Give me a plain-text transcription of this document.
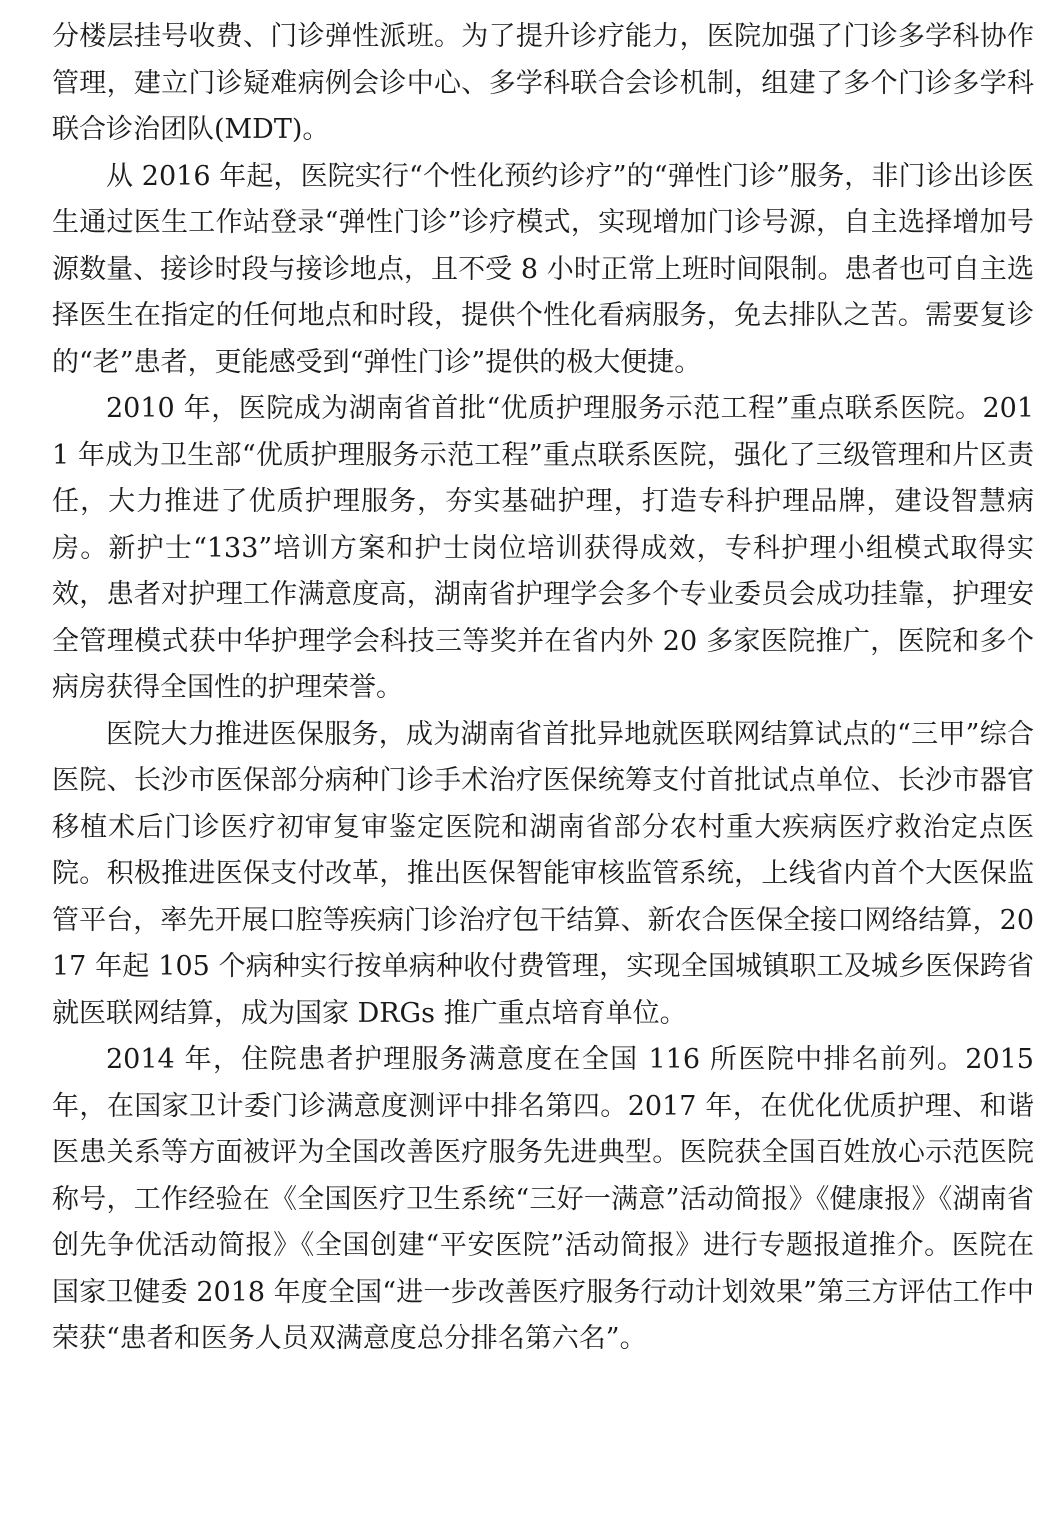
分楼层挂号收费、门诊弹性派班。为了提升诊疗能力，医院加强了门诊多学科协作管理，建立门诊疑难病例会诊中心、多学科联合会诊机制，组建了多个门诊多学科联合诊治团队(MDT)。

从 2016 年起，医院实行“个性化预约诊疗”的“弹性门诊”服务，非门诊出诊医生通过医生工作站登录“弹性门诊”诊疗模式，实现增加门诊号源，自主选择增加号源数量、接诊时段与接诊地点，且不受 8 小时正常上班时间限制。患者也可自主选择医生在指定的任何地点和时段，提供个性化看病服务，免去排队之苦。需要复诊的“老”患者，更能感受到“弹性门诊”提供的极大便捷。

2010 年，医院成为湖南省首批“优质护理服务示范工程”重点联系医院。2011 年成为卫生部“优质护理服务示范工程”重点联系医院，强化了三级管理和片区责任，大力推进了优质护理服务，夯实基础护理，打造专科护理品牌，建设智慧病房。新护士“133”培训方案和护士岗位培训获得成效，专科护理小组模式取得实效，患者对护理工作满意度高，湖南省护理学会多个专业委员会成功挂靠，护理安全管理模式获中华护理学会科技三等奖并在省内外 20 多家医院推广，医院和多个病房获得全国性的护理荣誉。

医院大力推进医保服务，成为湖南省首批异地就医联网结算试点的“三甲”综合医院、长沙市医保部分病种门诊手术治疗医保统筹支付首批试点单位、长沙市器官移植术后门诊医疗初审复审鉴定医院和湖南省部分农村重大疾病医疗救治定点医院。积极推进医保支付改革，推出医保智能审核监管系统，上线省内首个大医保监管平台，率先开展口腔等疾病门诊治疗包干结算、新农合医保全接口网络结算，2017 年起 105 个病种实行按单病种收付费管理，实现全国城镇职工及城乡医保跨省就医联网结算，成为国家 DRGs 推广重点培育单位。

2014 年，住院患者护理服务满意度在全国 116 所医院中排名前列。2015 年，在国家卫计委门诊满意度测评中排名第四。2017 年，在优化优质护理、和谐医患关系等方面被评为全国改善医疗服务先进典型。医院获全国百姓放心示范医院称号，工作经验在《全国医疗卫生系统“三好一满意”活动简报》《健康报》《湖南省创先争优活动简报》《全国创建“平安医院”活动简报》进行专题报道推介。医院在国家卫健委 2018 年度全国“进一步改善医疗服务行动计划效果”第三方评估工作中荣获“患者和医务人员双满意度总分排名第六名”。
